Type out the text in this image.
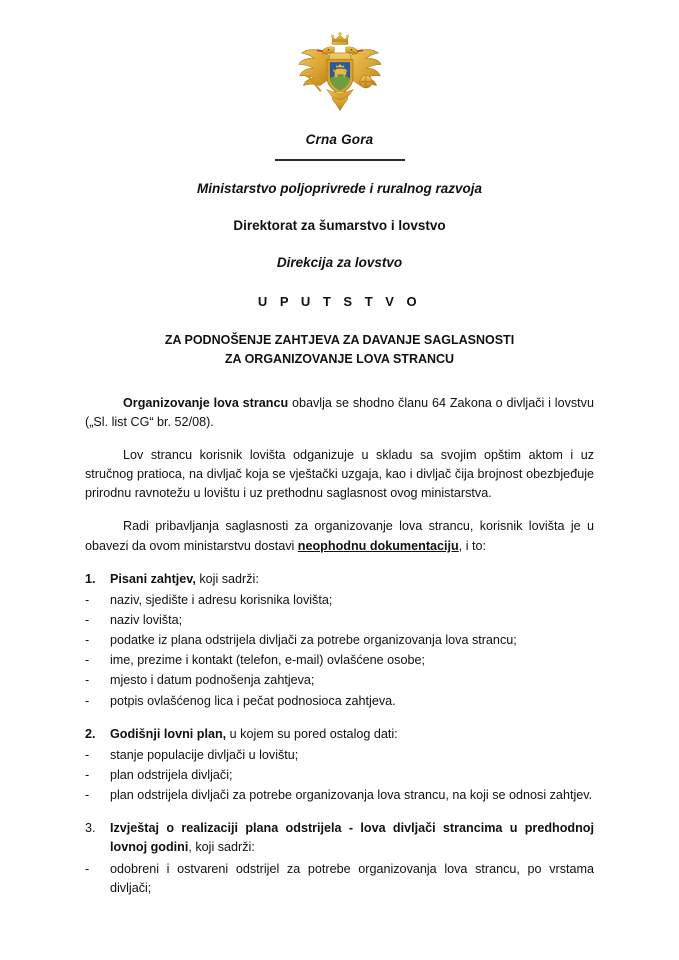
Crna Gora
Ministarstvo poljoprivrede i ruralnog razvoja
Direktorat za šumarstvo i lovstvo
Direkcija za lovstvo
U P U T S T V O
ZA PODNOŠENJE ZAHTJEVA ZA DAVANJE SAGLASNOSTI
ZA ORGANIZOVANJE LOVA STRANCU

Organizovanje lova strancu obavlja se shodno članu 64 Zakona o divljači i lovstvu („Sl. list CG“ br. 52/08).

Lov strancu korisnik lovišta odganizuje u skladu sa svojim opštim aktom i uz stručnog pratioca, na divljač koja se vještački uzgaja, kao i divljač čija brojnost obezbjeđuje prirodnu ravnotežu u lovištu i uz prethodnu saglasnost ovog ministarstva.

Radi pribavljanja saglasnosti za organizovanje lova strancu, korisnik lovišta je u obavezi da ovom ministarstvu dostavi neophodnu dokumentaciju, i to:

1.	Pisani zahtjev, koji sadrži:
-	naziv, sjedište i adresu korisnika lovišta;
-	naziv lovišta;
-	podatke iz plana odstrijela divljači za potrebe organizovanja lova strancu;
-	ime, prezime i kontakt (telefon, e-mail) ovlašćene osobe;
-	mjesto i datum podnošenja zahtjeva;
-	potpis ovlašćenog lica i pečat podnosioca zahtjeva.
2.	Godišnji lovni plan, u kojem su pored ostalog dati:
-	stanje populacije divljači u lovištu;
-	plan odstrijela divljači;
-	plan odstrijela divljači za potrebe organizovanja lova strancu, na koji se odnosi zahtjev.
3.	Izvještaj o realizaciji plana odstrijela - lova divljači strancima u predhodnoj lovnoj godini, koji sadrži:
-	odobreni i ostvareni odstrijel za potrebe organizovanja lova strancu, po vrstama divljači;
